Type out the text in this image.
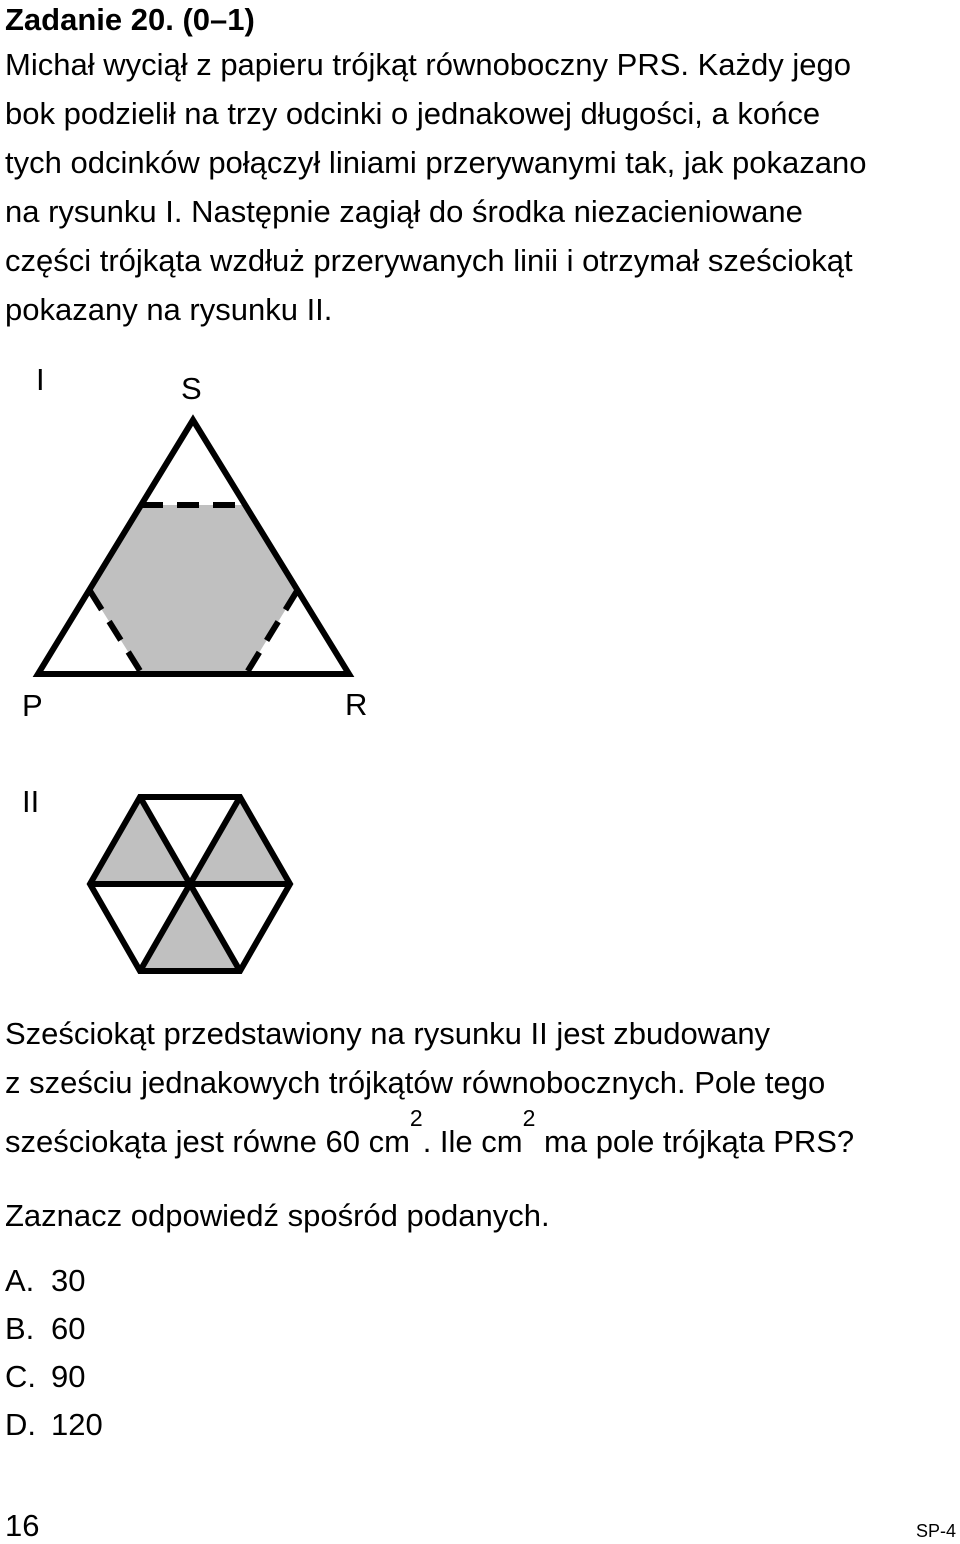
Zadanie 20. (0–1)
Michał wyciął z papieru trójkąt równoboczny PRS. Każdy jego
bok podzielił na trzy odcinki o jednakowej długości, a końce
tych odcinków połączył liniami przerywanymi tak, jak pokazano
na rysunku I. Następnie zagiął do środka niezacieniowane
części trójkąta wzdłuż przerywanych linii i otrzymał sześciokąt
pokazany na rysunku II.
I	S
P	R
II
Sześciokąt przedstawiony na rysunku II jest zbudowany
z sześciu jednakowych trójkątów równobocznych. Pole tego
sześciokąta jest równe 60 $cm^2$. Ile $cm^2$ ma pole trójkąta PRS?
Zaznacz odpowiedź spośród podanych.
A. 30
B. 60
C. 90
D. 120
16	SP-4
